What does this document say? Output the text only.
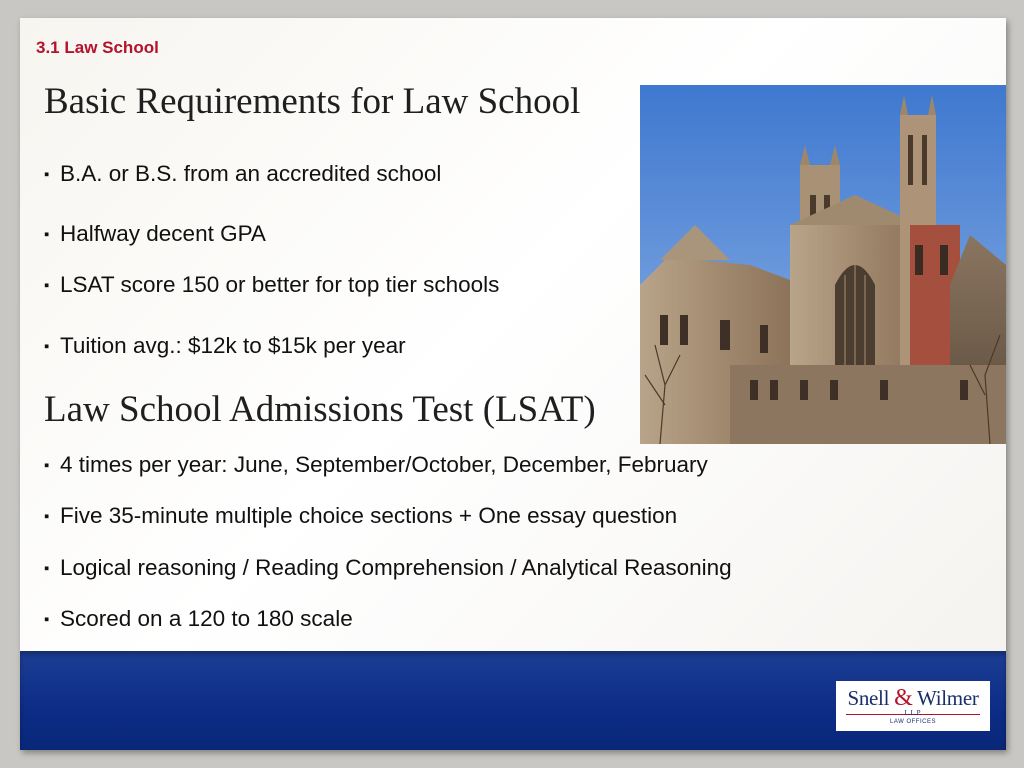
3.1 Law School
Basic Requirements for Law School
▪ B.A. or B.S. from an accredited school
▪ Halfway decent GPA
▪ LSAT score 150 or better for top tier schools
▪ Tuition avg.: $12k to $15k per year
Law School Admissions Test (LSAT)
▪ 4 times per year: June, September/October, December, February
▪ Five 35-minute multiple choice sections + One essay question
▪ Logical reasoning / Reading Comprehension / Analytical Reasoning
▪ Scored on a 120 to 180 scale
Snell & Wilmer
L.L.P.
LAW OFFICES
